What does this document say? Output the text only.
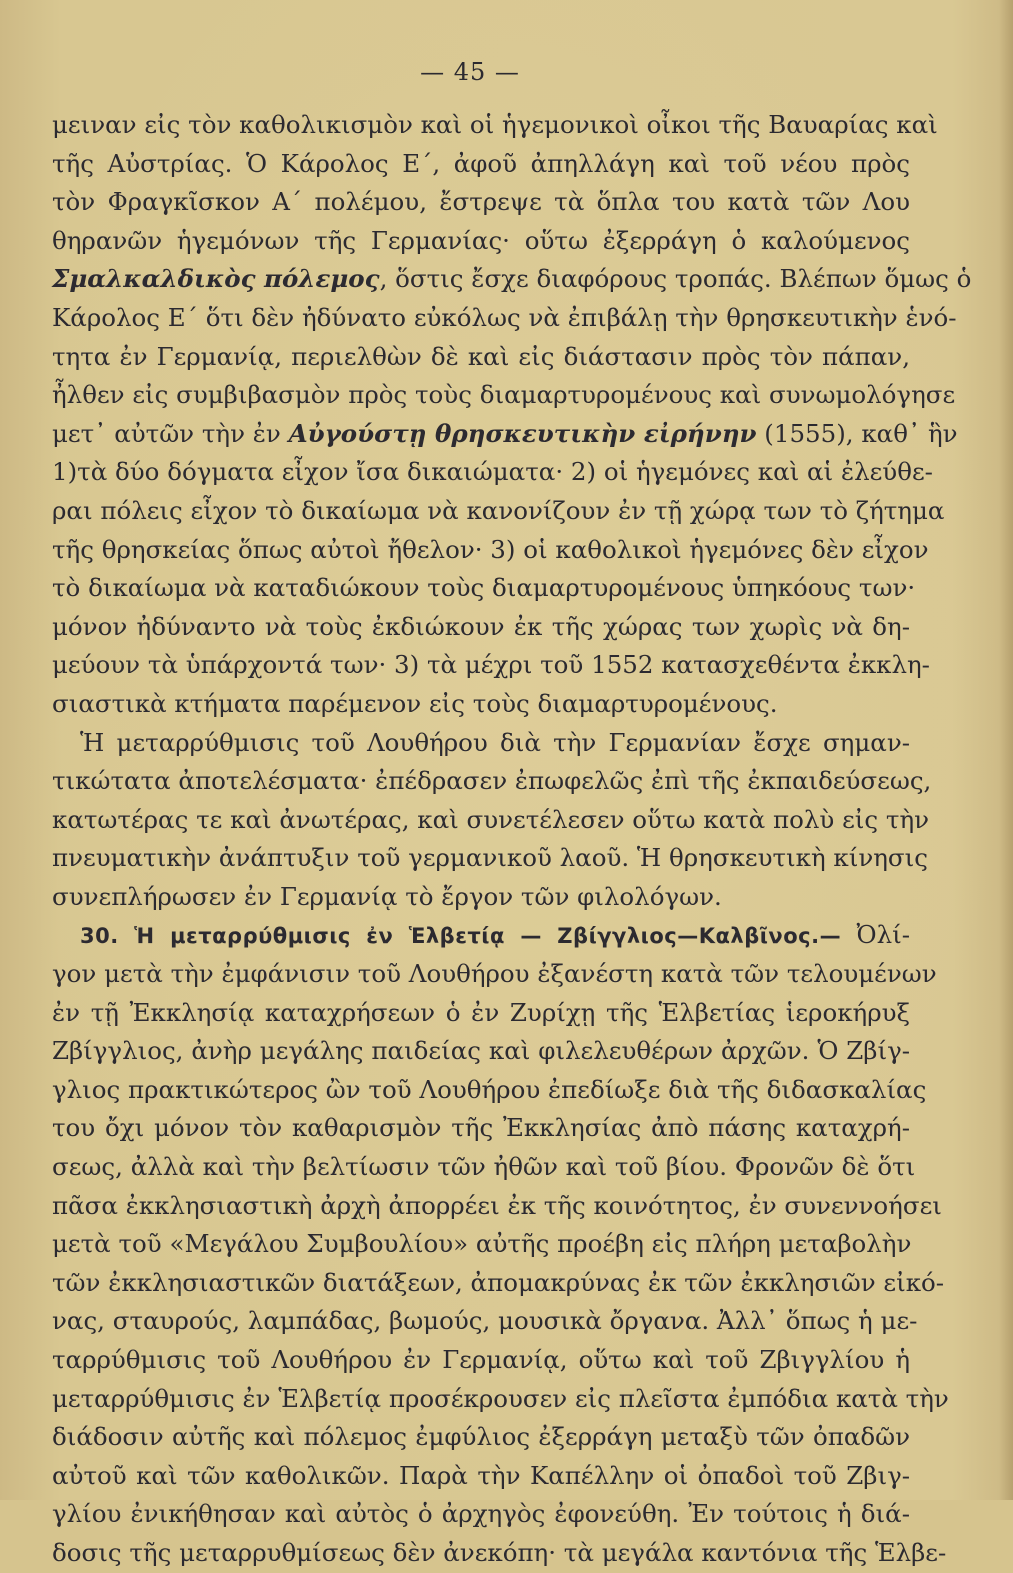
— 45 —
μειναν εἰς τὸν καθολικισμὸν καὶ οἱ ἡγεμονικοὶ οἶκοι τῆς Βαυαρίας καὶ
τῆς Αὐστρίας. Ὁ Κάρολος Ε΄, ἀφοῦ ἀπηλλάγη καὶ τοῦ νέου πρὸς
τὸν Φραγκῖσκον Α΄ πολέμου, ἔστρεψε τὰ ὅπλα του κατὰ τῶν Λου
θηρανῶν ἡγεμόνων τῆς Γερμανίας· οὕτω ἐξερράγη ὁ καλούμενος
Σμαλκαλδικὸς πόλεμος, ὅστις ἔσχε διαφόρους τροπάς. Βλέπων ὅμως ὁ
Κάρολος Ε΄ ὅτι δὲν ἠδύνατο εὐκόλως νὰ ἐπιβάλῃ τὴν θρησκευτικὴν ἑνό-
τητα ἐν Γερμανίᾳ, περιελθὼν δὲ καὶ εἰς διάστασιν πρὸς τὸν πάπαν,
ἦλθεν εἰς συμβιβασμὸν πρὸς τοὺς διαμαρτυρομένους καὶ συνωμολόγησε
μετ᾿ αὐτῶν τὴν ἐν Αὐγούστῃ θρησκευτικὴν εἰρήνην (1555), καθ᾿ ἣν
1)τὰ δύο δόγματα εἶχον ἴσα δικαιώματα· 2) οἱ ἡγεμόνες καὶ αἱ ἐλεύθε-
ραι πόλεις εἶχον τὸ δικαίωμα νὰ κανονίζουν ἐν τῇ χώρᾳ των τὸ ζήτημα
τῆς θρησκείας ὅπως αὐτοὶ ἤθελον· 3) οἱ καθολικοὶ ἡγεμόνες δὲν εἶχον
τὸ δικαίωμα νὰ καταδιώκουν τοὺς διαμαρτυρομένους ὑπηκόους των·
μόνον ἠδύναντο νὰ τοὺς ἐκδιώκουν ἐκ τῆς χώρας των χωρὶς νὰ δη-
μεύουν τὰ ὑπάρχοντά των· 3) τὰ μέχρι τοῦ 1552 κατασχεθέντα ἐκκλη-
σιαστικὰ κτήματα παρέμενον εἰς τοὺς διαμαρτυρομένους.
Ἡ μεταρρύθμισις τοῦ Λουθήρου διὰ τὴν Γερμανίαν ἔσχε σημαν-
τικώτατα ἀποτελέσματα· ἐπέδρασεν ἐπωφελῶς ἐπὶ τῆς ἐκπαιδεύσεως,
κατωτέρας τε καὶ ἀνωτέρας, καὶ συνετέλεσεν οὕτω κατὰ πολὺ εἰς τὴν
πνευματικὴν ἀνάπτυξιν τοῦ γερμανικοῦ λαοῦ. Ἡ θρησκευτικὴ κίνησις
συνεπλήρωσεν ἐν Γερμανίᾳ τὸ ἔργον τῶν φιλολόγων.
30. Ἡ μεταρρύθμισις ἐν Ἑλβετίᾳ — Ζβίγγλιος—Καλβῖνος.— Ὀλί-
γον μετὰ τὴν ἐμφάνισιν τοῦ Λουθήρου ἐξανέστη κατὰ τῶν τελουμένων
ἐν τῇ Ἐκκλησίᾳ καταχρήσεων ὁ ἐν Ζυρίχῃ τῆς Ἑλβετίας ἱεροκήρυξ
Ζβίγγλιος, ἀνὴρ μεγάλης παιδείας καὶ φιλελευθέρων ἀρχῶν. Ὁ Ζβίγ-
γλιος πρακτικώτερος ὢν τοῦ Λουθήρου ἐπεδίωξε διὰ τῆς διδασκαλίας
του ὄχι μόνον τὸν καθαρισμὸν τῆς Ἐκκλησίας ἀπὸ πάσης καταχρή-
σεως, ἀλλὰ καὶ τὴν βελτίωσιν τῶν ἠθῶν καὶ τοῦ βίου. Φρονῶν δὲ ὅτι
πᾶσα ἐκκλησιαστικὴ ἀρχὴ ἀπορρέει ἐκ τῆς κοινότητος, ἐν συνεννοήσει
μετὰ τοῦ «Μεγάλου Συμβουλίου» αὐτῆς προέβη εἰς πλήρη μεταβολὴν
τῶν ἐκκλησιαστικῶν διατάξεων, ἀπομακρύνας ἐκ τῶν ἐκκλησιῶν εἰκό-
νας, σταυρούς, λαμπάδας, βωμούς, μουσικὰ ὄργανα. Ἀλλ᾿ ὅπως ἡ με-
ταρρύθμισις τοῦ Λουθήρου ἐν Γερμανίᾳ, οὕτω καὶ τοῦ Ζβιγγλίου ἡ
μεταρρύθμισις ἐν Ἑλβετίᾳ προσέκρουσεν εἰς πλεῖστα ἐμπόδια κατὰ τὴν
διάδοσιν αὐτῆς καὶ πόλεμος ἐμφύλιος ἐξερράγη μεταξὺ τῶν ὀπαδῶν
αὐτοῦ καὶ τῶν καθολικῶν. Παρὰ τὴν Καπέλλην οἱ ὀπαδοὶ τοῦ Ζβιγ-
γλίου ἐνικήθησαν καὶ αὐτὸς ὁ ἀρχηγὸς ἐφονεύθη. Ἐν τούτοις ἡ διά-
δοσις τῆς μεταρρυθμίσεως δὲν ἀνεκόπη· τὰ μεγάλα καντόνια τῆς Ἑλβε-
